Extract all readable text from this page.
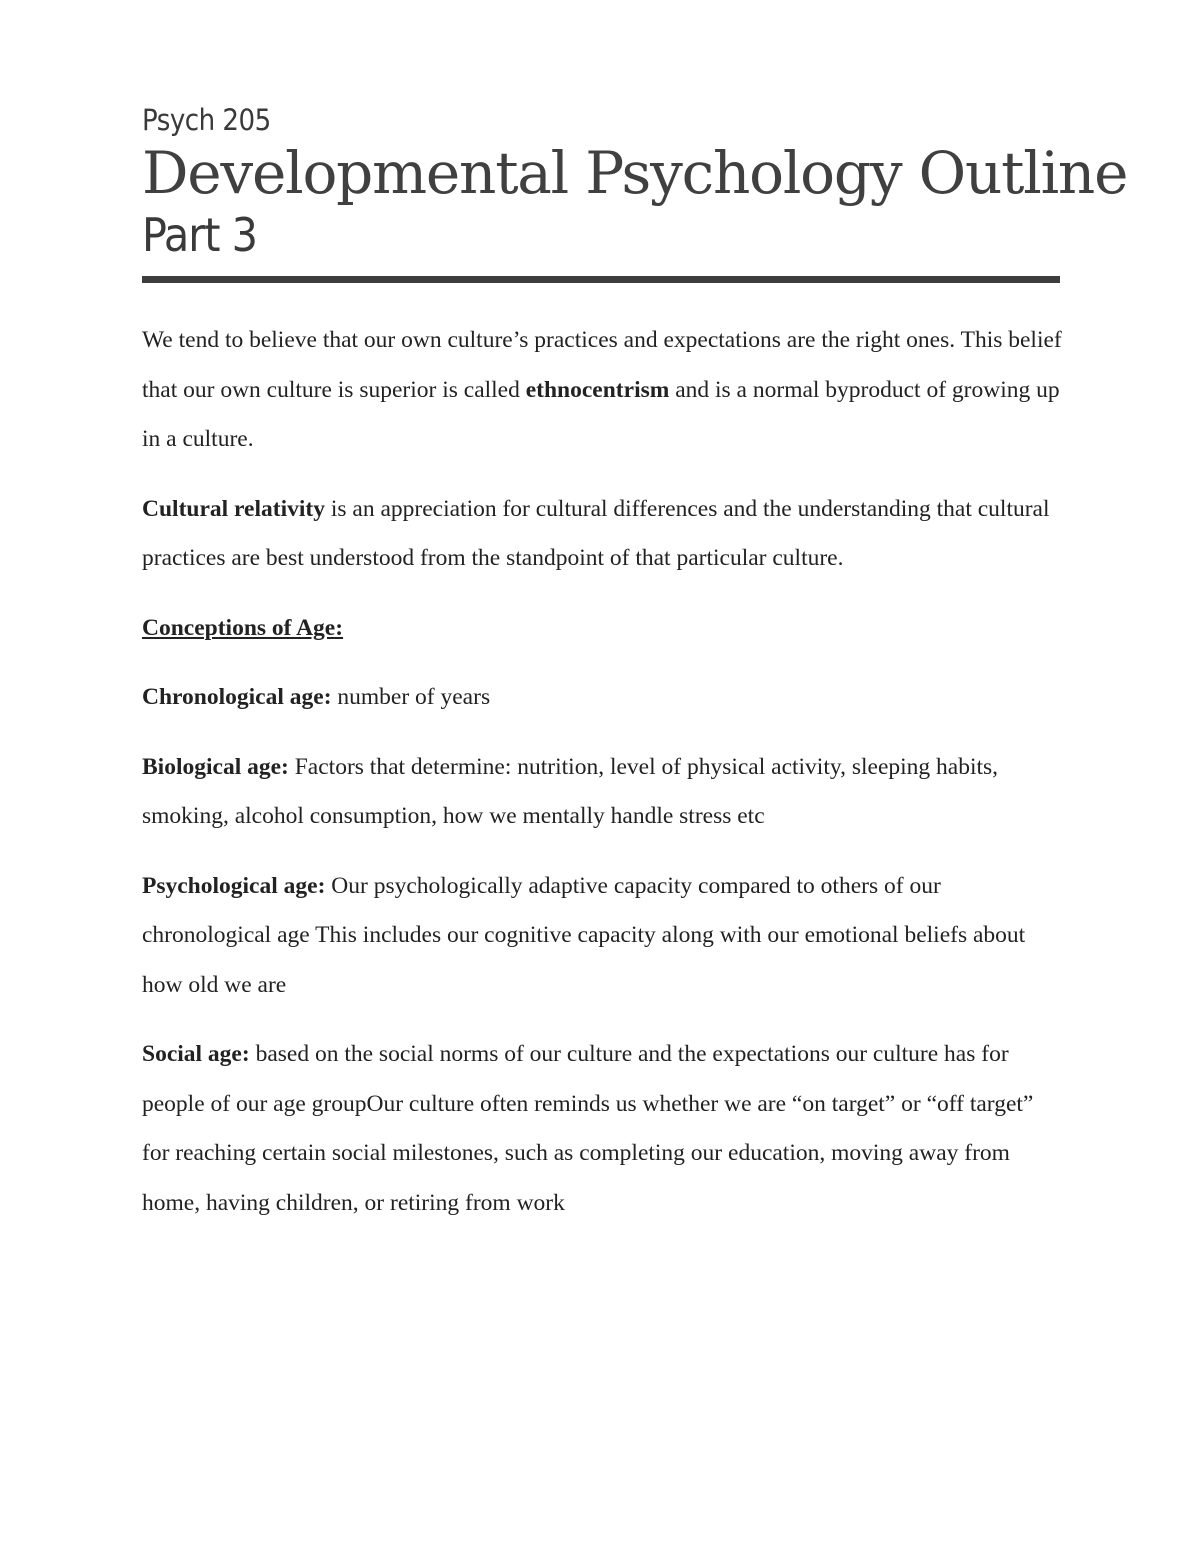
Psych 205

Developmental Psychology Outline

Part 3

We tend to believe that our own culture’s practices and expectations are the right ones. This belief that our own culture is superior is called ethnocentrism and is a normal byproduct of growing up in a culture.

Cultural relativity is an appreciation for cultural differences and the understanding that cultural practices are best understood from the standpoint of that particular culture.

Conceptions of Age:

Chronological age: number of years

Biological age: Factors that determine: nutrition, level of physical activity, sleeping habits, smoking, alcohol consumption, how we mentally handle stress etc

Psychological age: Our psychologically adaptive capacity compared to others of our chronological age This includes our cognitive capacity along with our emotional beliefs about how old we are

Social age: based on the social norms of our culture and the expectations our culture has for people of our age groupOur culture often reminds us whether we are “on target” or “off target” for reaching certain social milestones, such as completing our education, moving away from home, having children, or retiring from work
